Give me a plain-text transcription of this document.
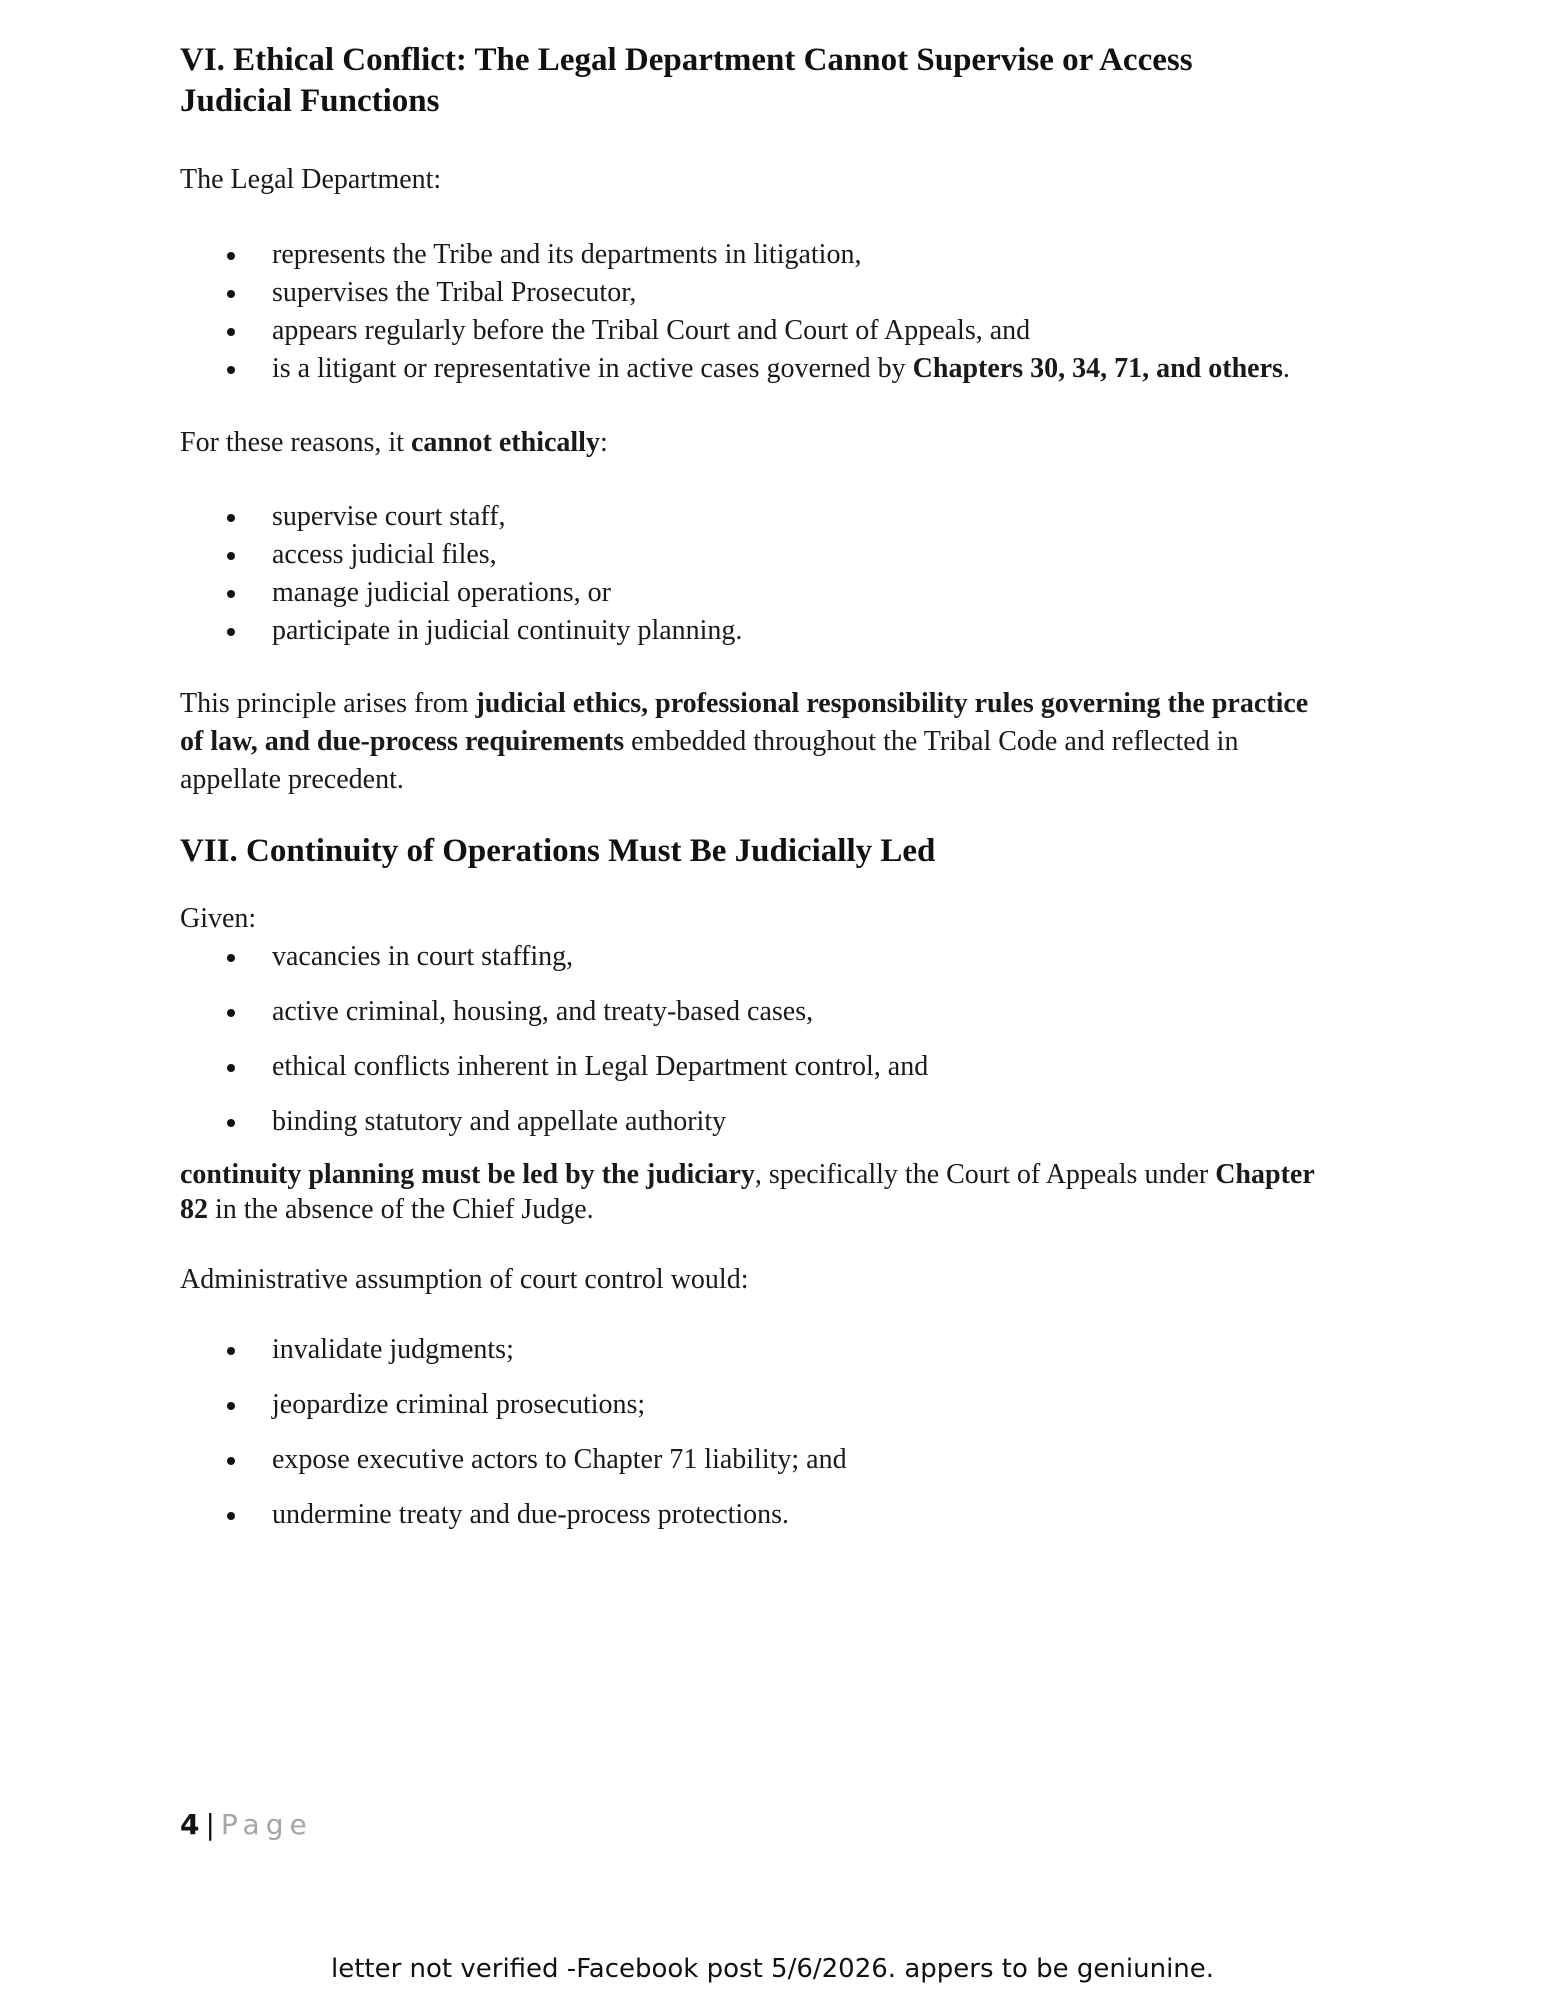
VI. Ethical Conflict: The Legal Department Cannot Supervise or Access
Judicial Functions

The Legal Department:

represents the Tribe and its departments in litigation,
supervises the Tribal Prosecutor,
appears regularly before the Tribal Court and Court of Appeals, and
is a litigant or representative in active cases governed by Chapters 30, 34, 71, and others.

For these reasons, it cannot ethically:

supervise court staff,
access judicial files,
manage judicial operations, or
participate in judicial continuity planning.

This principle arises from judicial ethics, professional responsibility rules governing the practice of law, and due-process requirements embedded throughout the Tribal Code and reflected in appellate precedent.

VII. Continuity of Operations Must Be Judicially Led

Given:

vacancies in court staffing,
active criminal, housing, and treaty-based cases,
ethical conflicts inherent in Legal Department control, and
binding statutory and appellate authority

continuity planning must be led by the judiciary, specifically the Court of Appeals under Chapter 82 in the absence of the Chief Judge.

Administrative assumption of court control would:

invalidate judgments;
jeopardize criminal prosecutions;
expose executive actors to Chapter 71 liability; and
undermine treaty and due-process protections.
4 | Page
letter not verified -Facebook post 5/6/2026. appers to be geniunine.
